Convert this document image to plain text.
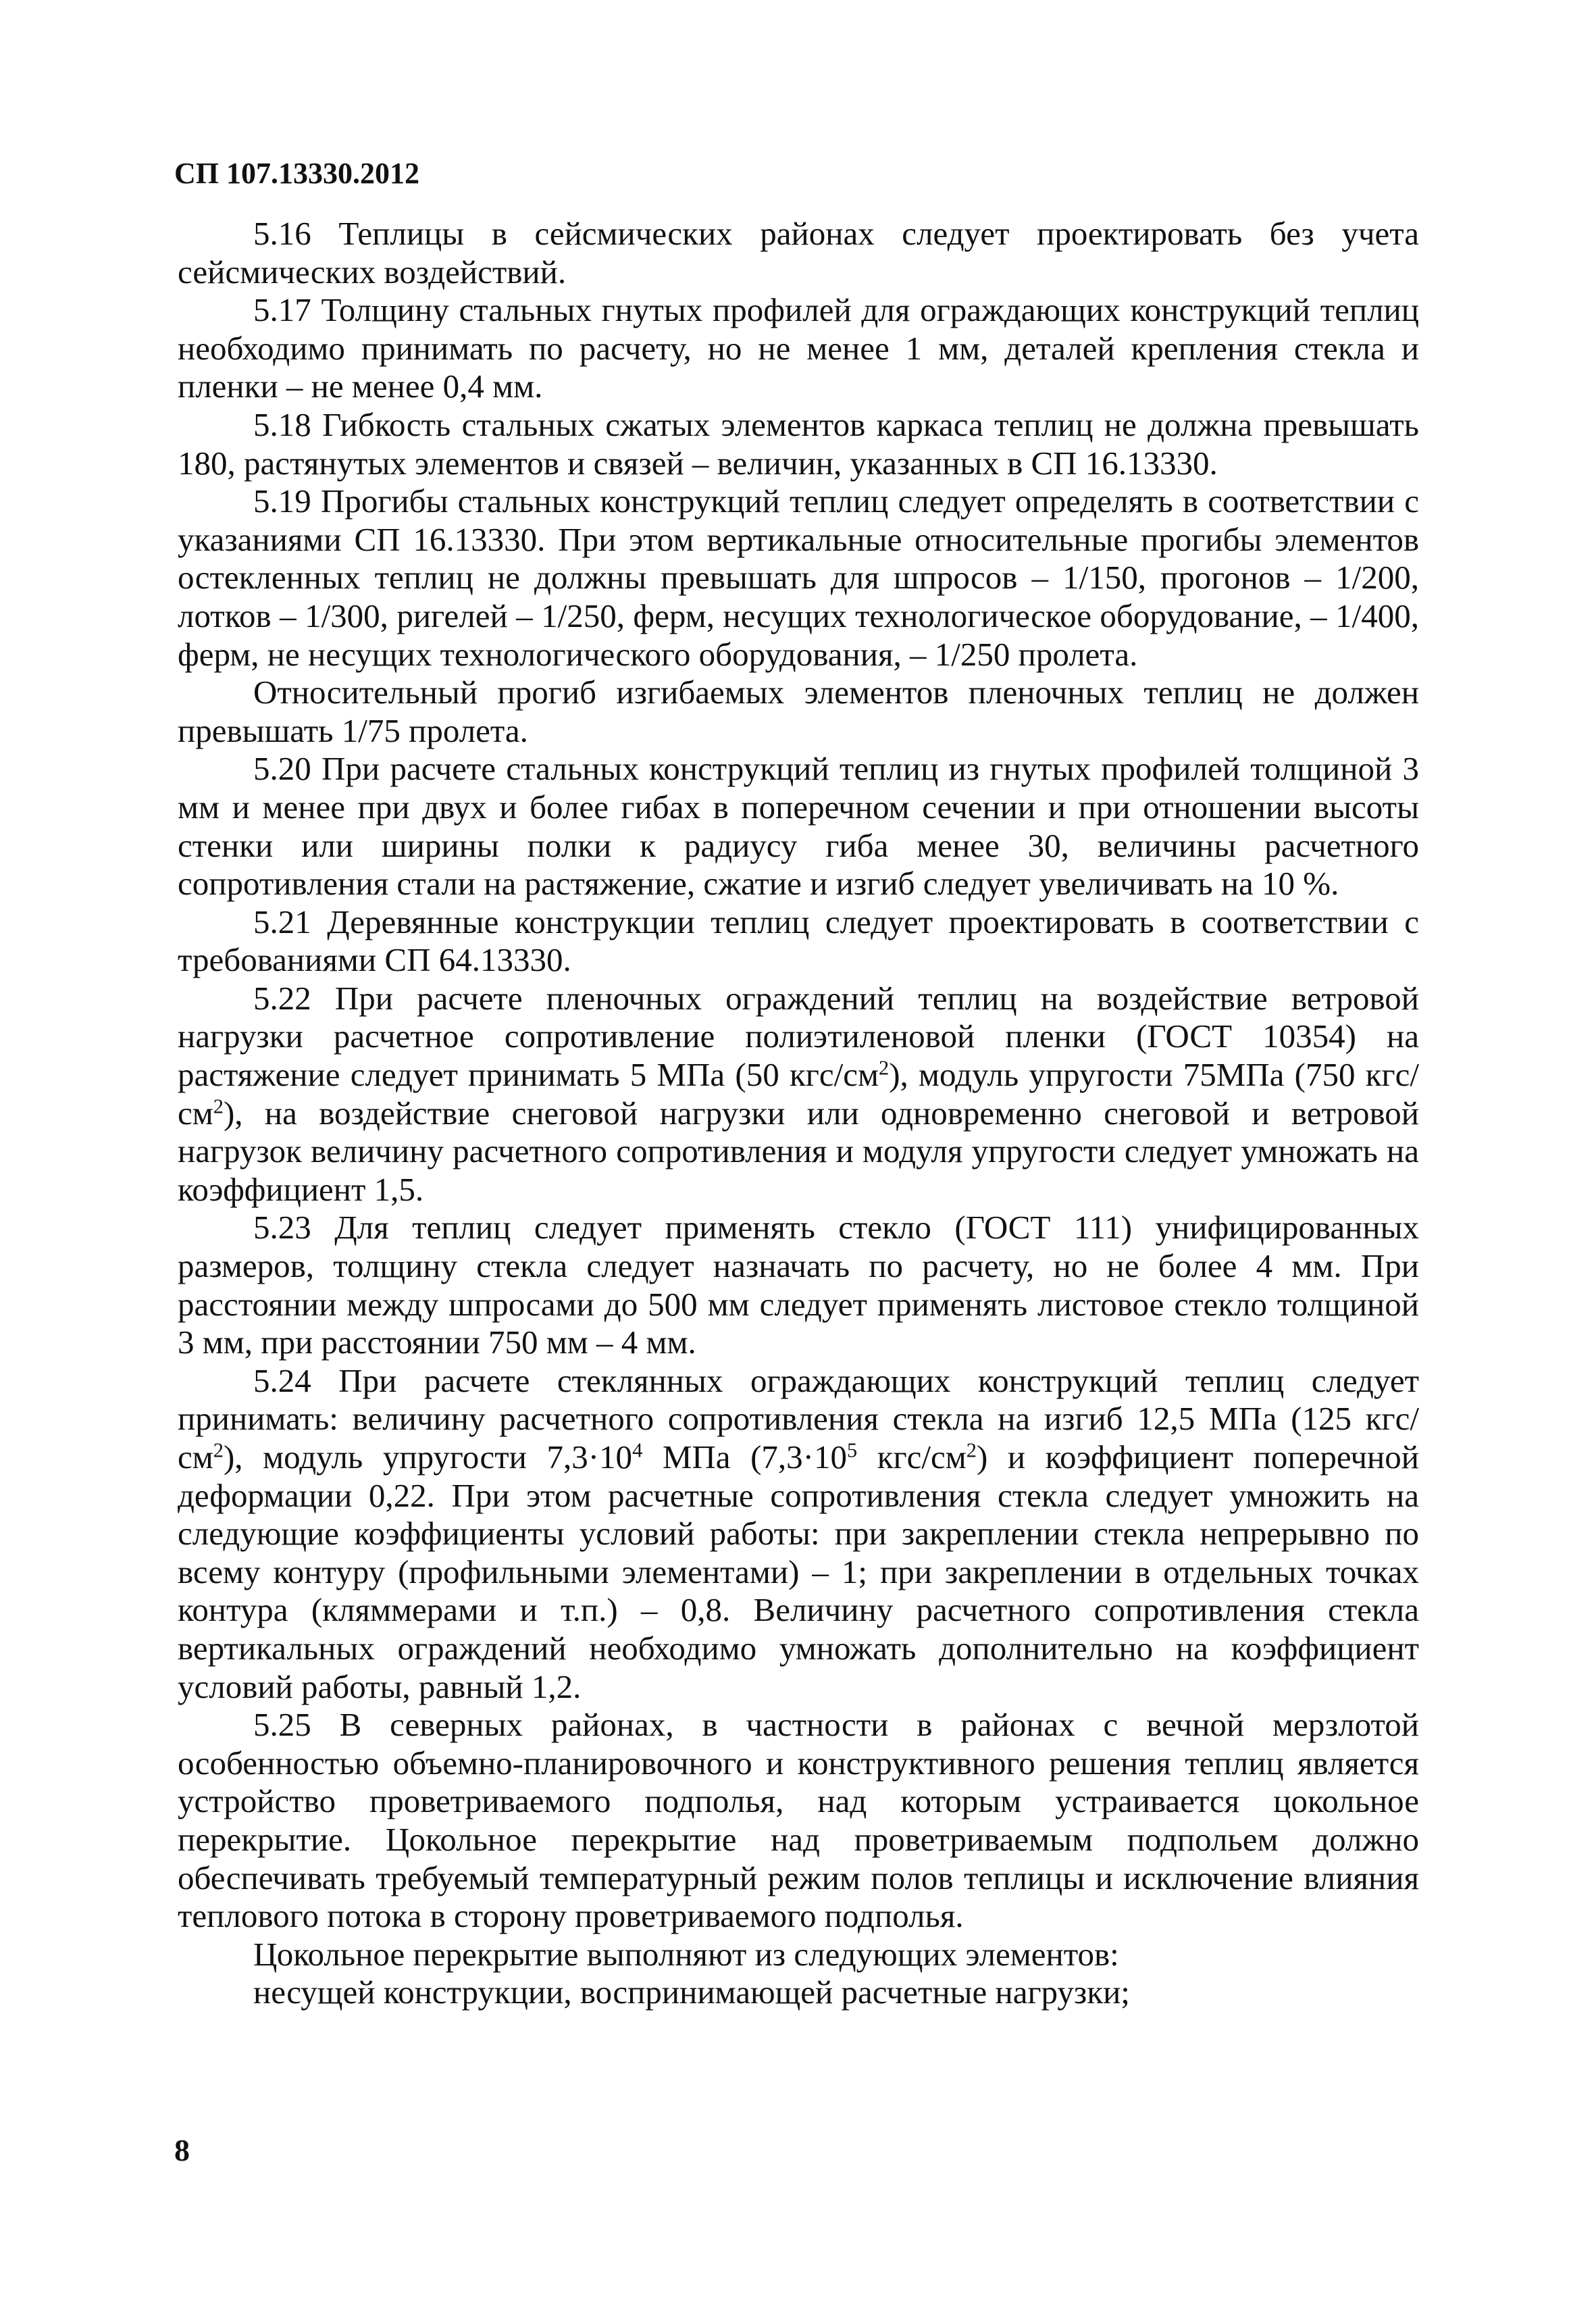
СП 107.13330.2012

5.16 Теплицы в сейсмических районах следует проектировать без учета сейсмических воздействий.

5.17 Толщину стальных гнутых профилей для ограждающих конструкций теплиц необходимо принимать по расчету, но не менее 1 мм, деталей крепления стекла и пленки – не менее 0,4 мм.

5.18 Гибкость стальных сжатых элементов каркаса теплиц не должна превышать 180, растянутых элементов и связей – величин, указанных в СП 16.13330.

5.19 Прогибы стальных конструкций теплиц следует определять в соответствии с указаниями СП 16.13330. При этом вертикальные относительные прогибы элементов остекленных теплиц не должны превышать для шпросов – 1/150, прогонов – 1/200, лотков – 1/300, ригелей – 1/250, ферм, несущих технологическое оборудование, – 1/400, ферм, не несущих технологического оборудования, – 1/250 пролета.

Относительный прогиб изгибаемых элементов пленочных теплиц не должен превышать 1/75 пролета.

5.20 При расчете стальных конструкций теплиц из гнутых профилей толщиной 3 мм и менее при двух и более гибах в поперечном сечении и при отношении высоты стенки или ширины полки к радиусу гиба менее 30, величины расчетного сопротивления стали на растяжение, сжатие и изгиб следует увеличивать на 10 %.

5.21 Деревянные конструкции теплиц следует проектировать в соответствии с требованиями СП 64.13330.

5.22 При расчете пленочных ограждений теплиц на воздействие ветровой нагрузки расчетное сопротивление полиэтиленовой пленки (ГОСТ 10354) на растяжение следует принимать 5 МПа (50 кгс/$см^2$), модуль упругости 75МПа (750 кгс/$см^2$), на воздействие снеговой нагрузки или одновременно снеговой и ветровой нагрузок величину расчетного сопротивления и модуля упругости следует умножать на коэффициент 1,5.

5.23 Для теплиц следует применять стекло (ГОСТ 111) унифицированных размеров, толщину стекла следует назначать по расчету, но не более 4 мм. При расстоянии между шпросами до 500 мм следует применять листовое стекло толщиной 3 мм, при расстоянии 750 мм – 4 мм.

5.24 При расчете стеклянных ограждающих конструкций теплиц следует принимать: величину расчетного сопротивления стекла на изгиб 12,5 МПа (125 кгс/$см^2$), модуль упругости $7,3\cdot 10^4$ МПа ($7,3\cdot 10^5$ кгс/$см^2$) и коэффициент поперечной деформации 0,22. При этом расчетные сопротивления стекла следует умножить на следующие коэффициенты условий работы: при закреплении стекла непрерывно по всему контуру (профильными элементами) – 1; при закреплении в отдельных точках контура (кляммерами и т.п.) – 0,8. Величину расчетного сопротивления стекла вертикальных ограждений необходимо умножать дополнительно на коэффициент условий работы, равный 1,2.

5.25 В северных районах, в частности в районах с вечной мерзлотой особенностью объемно-планировочного и конструктивного решения теплиц является устройство проветриваемого подполья, над которым устраивается цокольное перекрытие. Цокольное перекрытие над проветриваемым подпольем должно обеспечивать требуемый температурный режим полов теплицы и исключение влияния теплового потока в сторону проветриваемого подполья.

Цокольное перекрытие выполняют из следующих элементов:

несущей конструкции, воспринимающей расчетные нагрузки;

8
